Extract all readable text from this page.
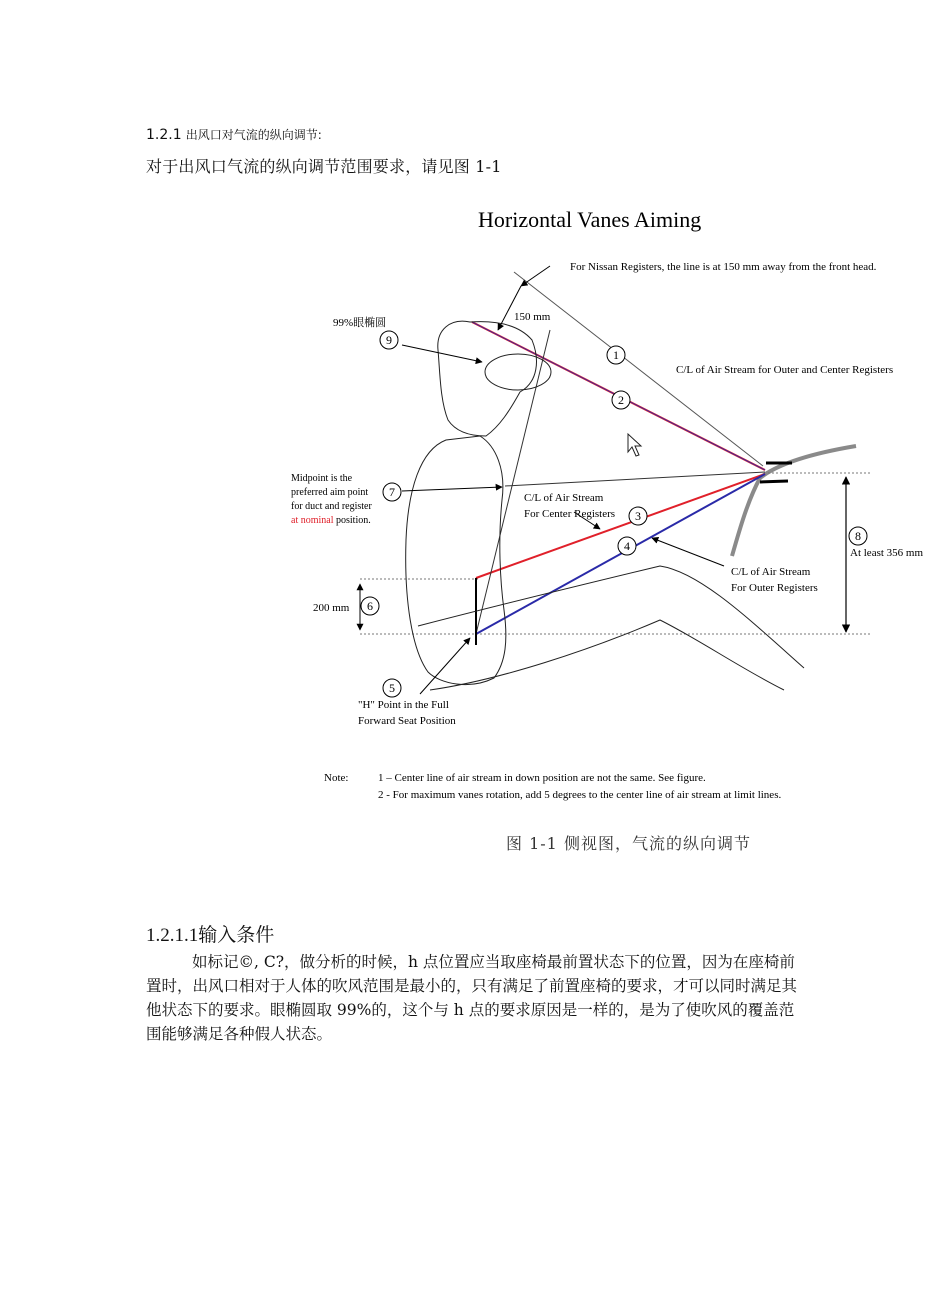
1.2.1 出风口对气流的纵向调节:
对于出风口气流的纵向调节范围要求，请见图 1-1
Horizontal Vanes Aiming
1
2
3
4
5
6
7
8
9
For Nissan Registers, the line is at 150 mm away from the front head.
150 mm
99%眼椭圆
C/L of Air Stream for Outer and Center Registers
Midpoint is the
preferred aim point
for duct and register
at nominal position.
C/L of Air Stream
For Center Registers
C/L of Air Stream
For Outer Registers
At least 356 mm
200 mm
"H" Point in the Full
Forward Seat Position
Note:	1 – Center line of air stream in down position are not the same. See figure.
2 - For maximum vanes rotation, add 5 degrees to the center line of air stream at limit lines.
图 1-1 侧视图，气流的纵向调节
1.2.1.1输入条件

如标记©, C?，做分析的时候，h 点位置应当取座椅最前置状态下的位置，因为在座椅前置时，出风口相对于人体的吹风范围是最小的，只有满足了前置座椅的要求，才可以同时满足其他状态下的要求。眼椭圆取 99%的，这个与 h 点的要求原因是一样的，是为了使吹风的覆盖范围能够满足各种假人状态。
